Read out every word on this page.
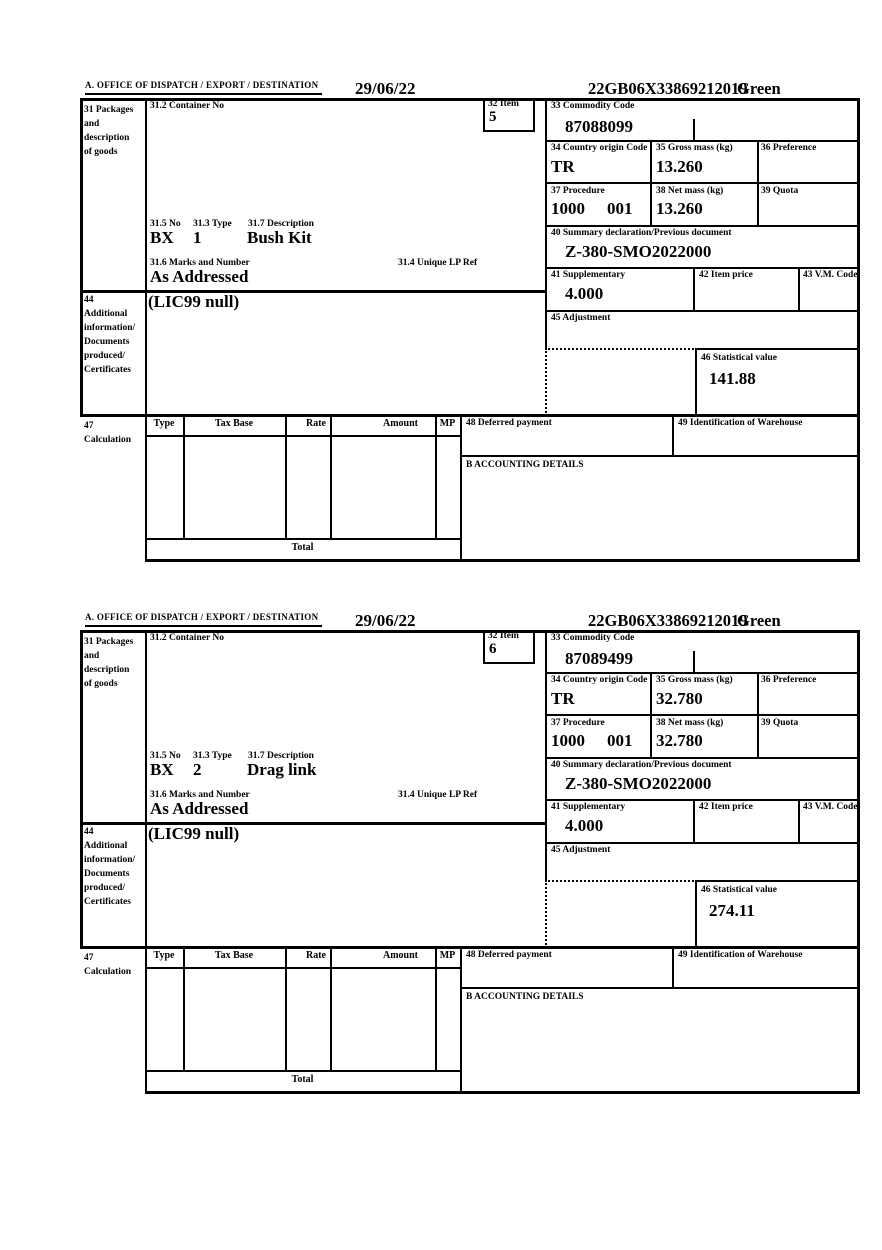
A. OFFICE OF DISPATCH / EXPORT / DESTINATION 29/06/22	22GB06X33869212019
Green
31 Packages
and
description
of goods
44
Additional
information/
Documents
produced/
Certificates
47
Calculation
31.2 Container No	32 Item
5
31.5 No 31.3 Type 31.7 Description
BX 1	Bush Kit
31.6 Marks and Number	31.4 Unique LP Ref
As Addressed
(LIC99 null)
33 Commodity Code
87088099
34 Country origin Code
TR
35 Gross mass (kg)
13.260
36 Preference
37 Procedure
1000 001
38 Net mass (kg)
13.260
39 Quota
40 Summary declaration/Previous document
Z-380-SMO2022000
41 Supplementary
4.000
42 Item price	43 V.M. Code
45 Adjustment
46 Statistical value
141.88
Type	Tax Base	Rate	Amount	MP
Total
48 Deferred payment	49 Identification of Warehouse
B ACCOUNTING DETAILS
A. OFFICE OF DISPATCH / EXPORT / DESTINATION 29/06/22	22GB06X33869212019
Green
31 Packages
and
description
of goods
44
Additional
information/
Documents
produced/
Certificates
47
Calculation
31.2 Container No	32 Item
6
31.5 No 31.3 Type 31.7 Description
BX 2	Drag link
31.6 Marks and Number	31.4 Unique LP Ref
As Addressed
(LIC99 null)
33 Commodity Code
87089499
34 Country origin Code
TR
35 Gross mass (kg)
32.780
36 Preference
37 Procedure
1000 001
38 Net mass (kg)
32.780
39 Quota
40 Summary declaration/Previous document
Z-380-SMO2022000
41 Supplementary
4.000
42 Item price	43 V.M. Code
45 Adjustment
46 Statistical value
274.11
Type	Tax Base	Rate	Amount	MP
Total
48 Deferred payment	49 Identification of Warehouse
B ACCOUNTING DETAILS
